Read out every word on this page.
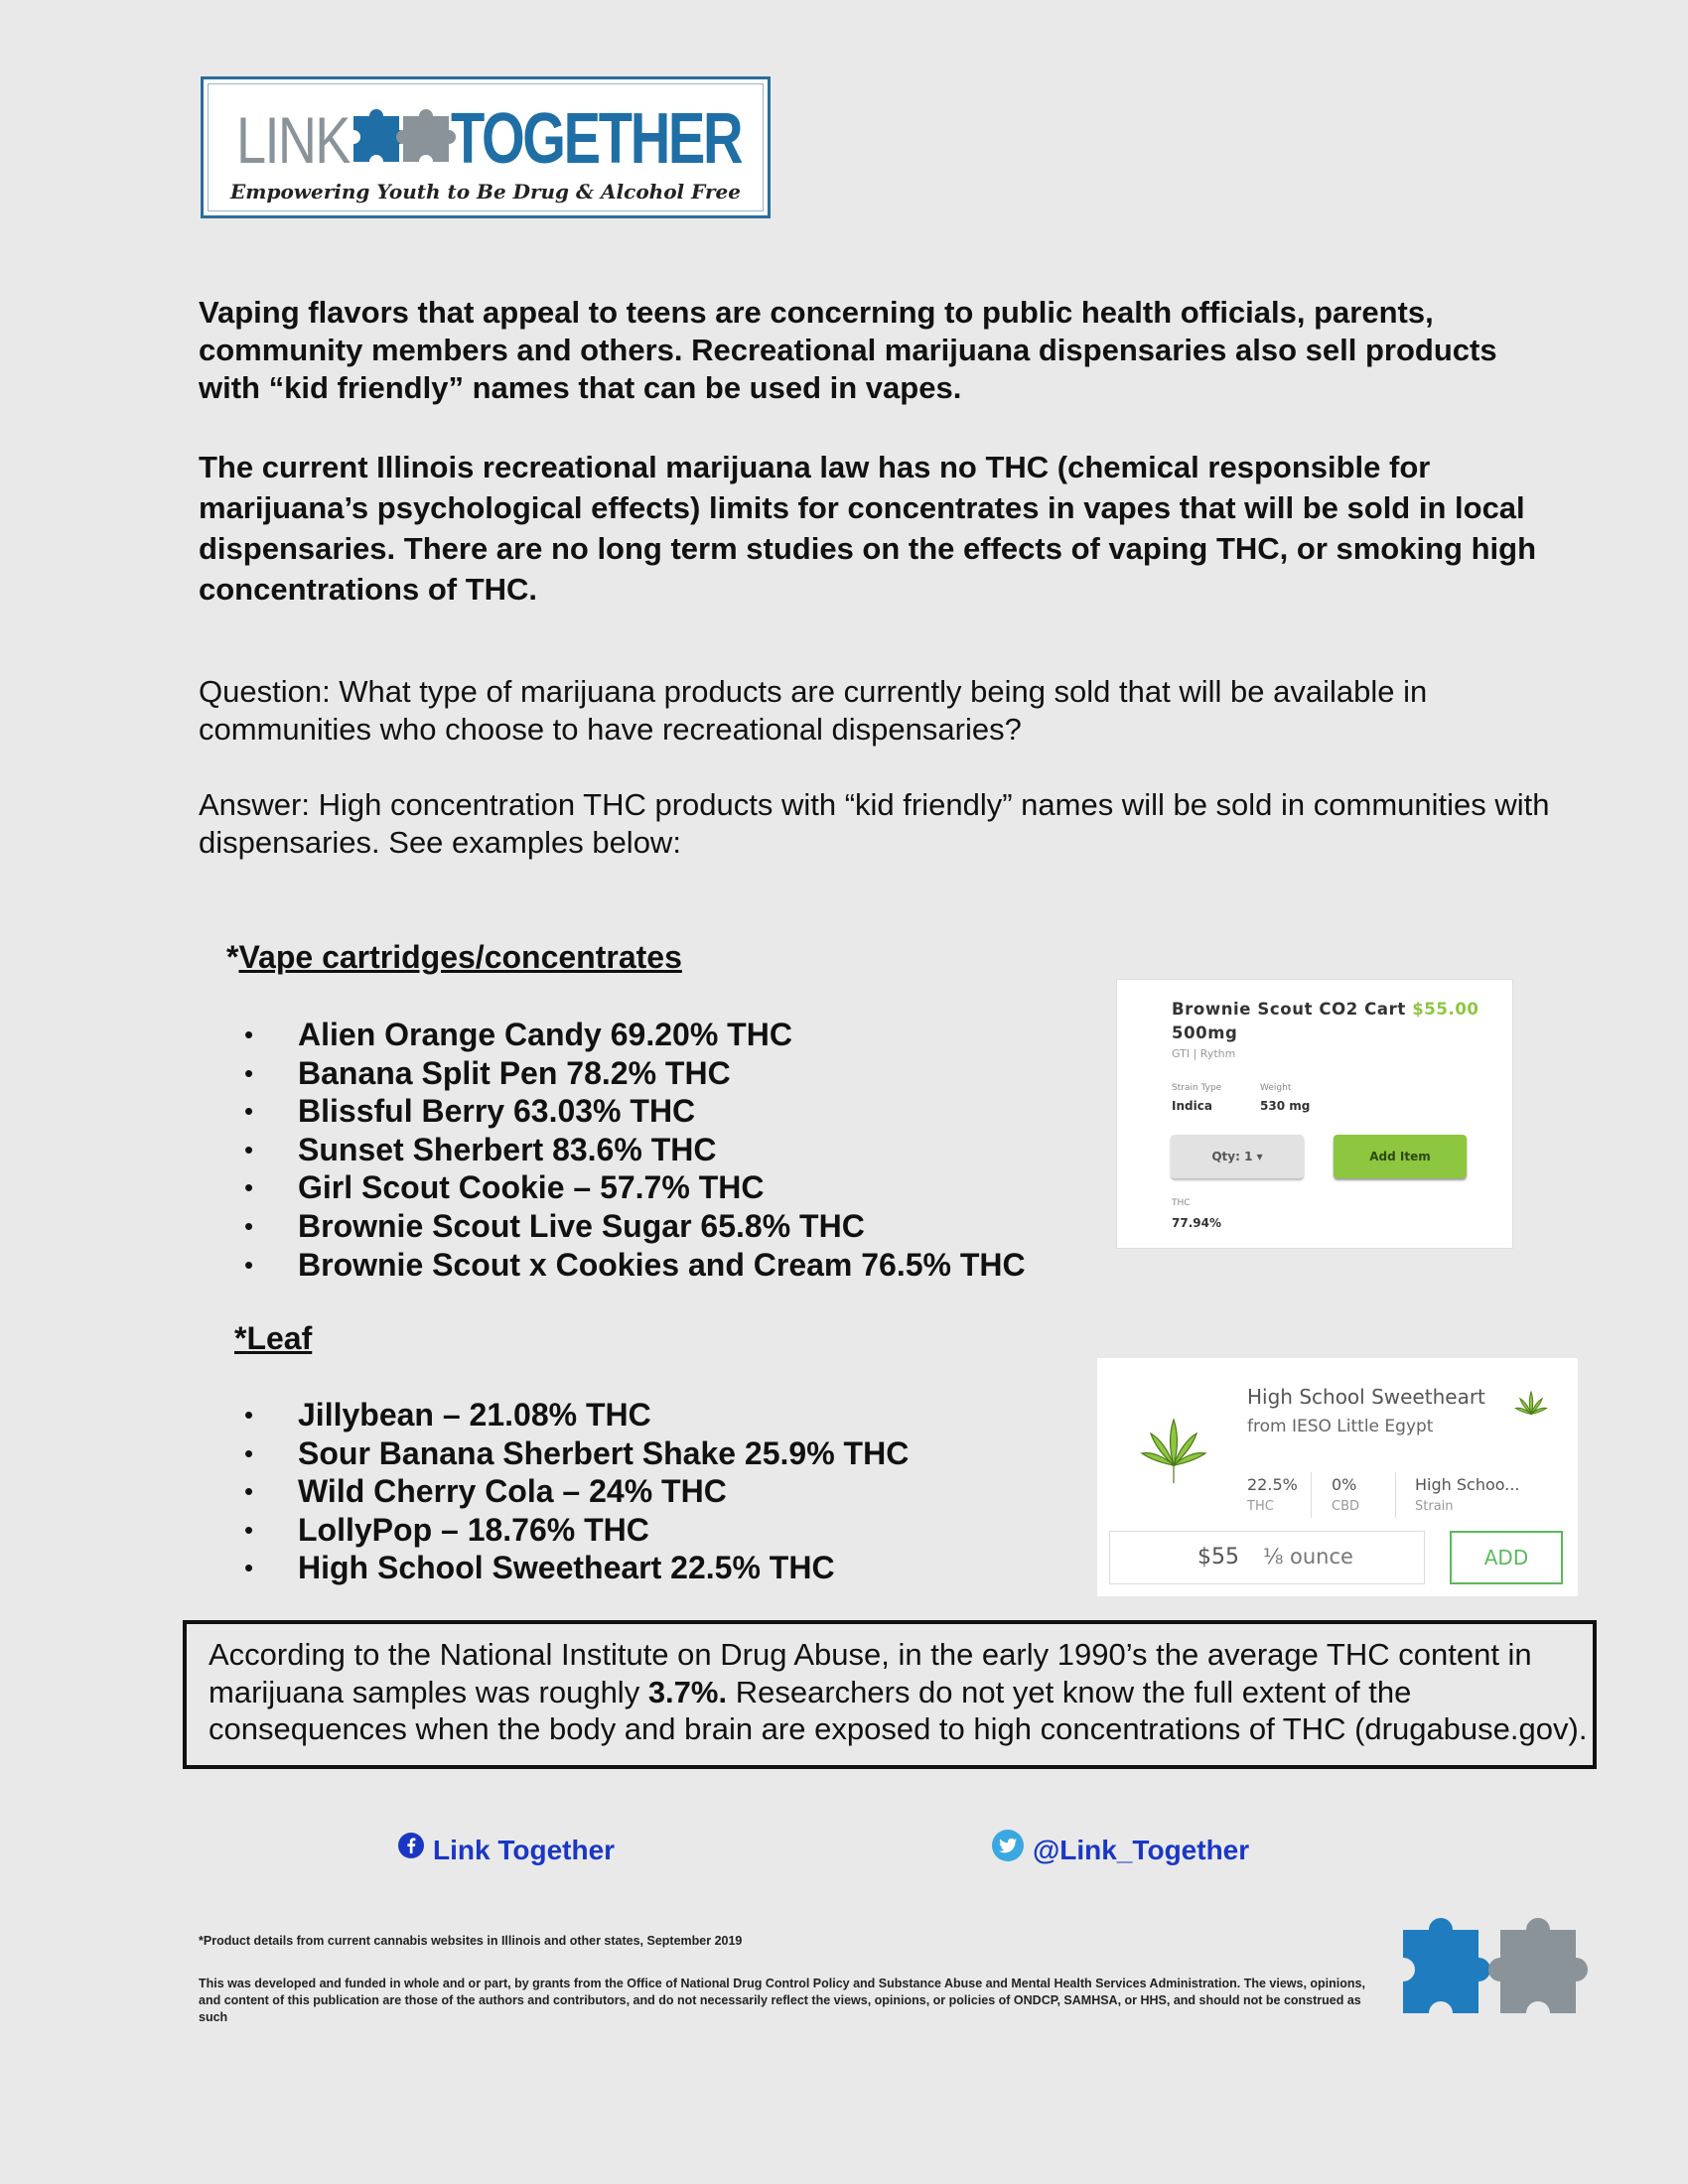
LINK TOGETHER
Empowering Youth to Be Drug & Alcohol Free

Vaping flavors that appeal to teens are concerning to public health officials, parents, community members and others. Recreational marijuana dispensaries also sell products with “kid friendly” names that can be used in vapes.

The current Illinois recreational marijuana law has no THC (chemical responsible for marijuana’s psychological effects) limits for concentrates in vapes that will be sold in local dispensaries. There are no long term studies on the effects of vaping THC, or smoking high concentrations of THC.

Question: What type of marijuana products are currently being sold that will be available in communities who choose to have recreational dispensaries?

Answer: High concentration THC products with “kid friendly” names will be sold in communities with dispensaries. See examples below:

*Vape cartridges/concentrates
• Alien Orange Candy 69.20% THC
• Banana Split Pen 78.2% THC
• Blissful Berry 63.03% THC
• Sunset Sherbert 83.6% THC
• Girl Scout Cookie – 57.7% THC
• Brownie Scout Live Sugar 65.8% THC
• Brownie Scout x Cookies and Cream 76.5% THC
Brownie Scout CO2 Cart $55.00
500mg
GTI | Rythm
Strain Type
Indica
Weight
530 mg
Qty: 1 ▾	Add Item
THC
77.94%
*Leaf
• Jillybean – 21.08% THC
• Sour Banana Sherbert Shake 25.9% THC
• Wild Cherry Cola – 24% THC
• LollyPop – 18.76% THC
• High School Sweetheart 22.5% THC
High School Sweetheart
from IESO Little Egypt
22.5%
THC
0%
CBD
High Schoo...
Strain
$55 ⅛ ounce	ADD

According to the National Institute on Drug Abuse, in the early 1990’s the average THC content in marijuana samples was roughly 3.7%. Researchers do not yet know the full extent of the consequences when the body and brain are exposed to high concentrations of THC (drugabuse.gov).

Link Together	@Link_Together
*Product details from current cannabis websites in Illinois and other states, September 2019
This was developed and funded in whole and or part, by grants from the Office of National Drug Control Policy and Substance Abuse and Mental Health Services Administration. The views, opinions, and content of this publication are those of the authors and contributors, and do not necessarily reflect the views, opinions, or policies of ONDCP, SAMHSA, or HHS, and should not be construed as such
